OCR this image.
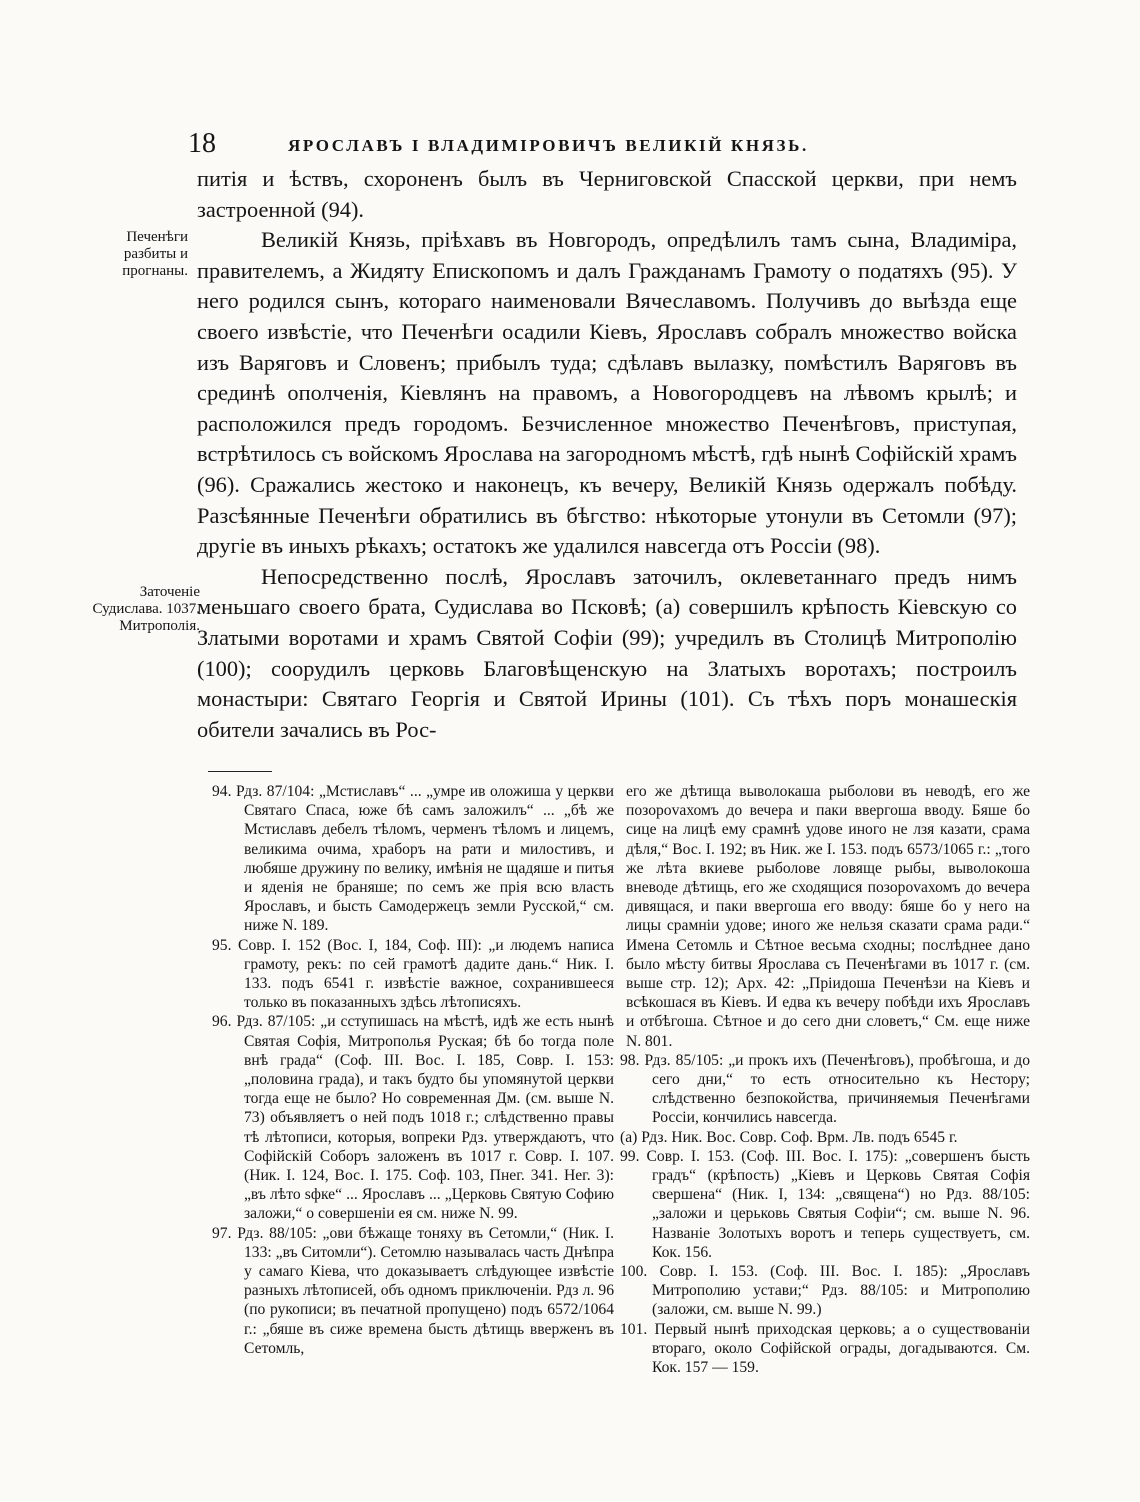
18	ЯРОСЛАВЪ I ВЛАДИМIРОВИЧЪ ВЕЛИКIЙ КНЯЗЬ.
Печенѣги разбиты и прогнаны.
Заточенiе Судислава. 1037. Митрополiя.

питiя и ѣствъ, схороненъ былъ въ Черниговской Спасской церкви, при немъ застроенной (94).

Великiй Князь, прiѣхавъ въ Новгородъ, опредѣлилъ тамъ сына, Владимiра, правителемъ, а Жидяту Епископомъ и далъ Гражданамъ Грамоту о податяхъ (95). У него родился сынъ, котораго наименовали Вячеславомъ. Получивъ до выѣзда еще своего извѣстiе, что Печенѣги осадили Кiевъ, Ярославъ собралъ множество войска изъ Варяговъ и Словенъ; прибылъ туда; сдѣлавъ вылазку, помѣстилъ Варяговъ въ срединѣ ополченiя, Кiевлянъ на правомъ, а Новогородцевъ на лѣвомъ крылѣ; и расположился предъ городомъ. Безчисленное множество Печенѣговъ, приступая, встрѣтилось съ войскомъ Ярослава на загородномъ мѣстѣ, гдѣ нынѣ Софiйскiй храмъ (96). Сражались жестоко и наконецъ, къ вечеру, Великiй Князь одержалъ побѣду. Разсѣянные Печенѣги обратились въ бѣгство: нѣкоторые утонули въ Сетомли (97); другiе въ иныхъ рѣкахъ; остатокъ же удалился навсегда отъ Россiи (98).

Непосредственно послѣ, Ярославъ заточилъ, оклеветаннаго предъ нимъ меньшаго своего брата, Судислава во Псковѣ; (а) совершилъ крѣпость Кiевскую со Златыми воротами и храмъ Святой Софiи (99); учредилъ въ Столицѣ Митрополiю (100); соорудилъ церковь Благовѣщенскую на Златыхъ воротахъ; построилъ монастыри: Святаго Георгiя и Святой Ирины (101). Съ тѣхъ поръ монашескiя обители зачались въ Рос-

94. Рдз. 87/104: „Мстиславъ“ ... „умре ив оложиша у церкви Святаго Спаса, юже бѣ самъ заложилъ“ ... „бѣ же Мстиславъ дебелъ тѣломъ, черменъ тѣломъ и лицемъ, великима очима, храборъ на рати и милостивъ, и любяше дружину по велику, имѣнiя не щадяше и питья и яденiя не браняше; по семъ же прiя всю власть Ярославъ, и бысть Самодержецъ земли Русской,“ см. ниже N. 189.

95. Совр. I. 152 (Вос. I, 184, Соф. III): „и людемъ написа грамоту, рекъ: по сей грамотѣ дадите дань.“ Ник. I. 133. подъ 6541 г. извѣстiе важное, сохранившееся только въ показанныхъ здѣсь лѣтописяхъ.

96. Рдз. 87/105: „и сступишась на мѣстѣ, идѣ же есть нынѣ Святая Софiя, Митрополья Руская; бѣ бо тогда поле внѣ града“ (Соф. III. Вос. I. 185, Совр. I. 153: „половина града), и такъ будто бы упомянутой церкви тогда еще не было? Но современная Дм. (см. выше N. 73) объявляетъ о ней подъ 1018 г.; слѣдственно правы тѣ лѣтописи, которыя, вопреки Рдз. утверждаютъ, что Софiйскiй Соборъ заложенъ въ 1017 г. Совр. I. 107. (Ник. I. 124, Вос. I. 175. Соф. 103, Пнег. 341. Нег. 3): „въ лѣто ѕфке“ ... Ярославъ ... „Церковь Святую Софию заложи,“ о совершенiи ея см. ниже N. 99.

97. Рдз. 88/105: „ови бѣжаще тоняху въ Сетомли,“ (Ник. I. 133: „въ Ситомли“). Сетомлю называлась часть Днѣпра у самаго Кiева, что доказываетъ слѣдующее извѣстiе разныхъ лѣтописей, объ одномъ приключенiи. Рдз л. 96 (по рукописи; въ печатной пропущено) подъ 6572/1064 г.: „бяше въ сиже времена бысть дѣтищь вверженъ въ Сетомль,

его же дѣтища выволокаша рыболови въ неводѣ, его же позорovахомъ до вечера и паки ввергоша вводу. Бяше бо сице на лицѣ ему срамнѣ удове иного не лзя казати, срама дѣля,“ Вос. I. 192; въ Ник. же I. 153. подъ 6573/1065 г.: „того же лѣта вкиеве рыболове ловяще рыбы, выволокоша вневоде дѣтищь, его же сходящися позорovахомъ до вечера дивящася, и паки ввергоша его вводу: бяше бо у него на лицы срамнiи удове; иного же нельзя сказати срама ради.“ Имена Сетомль и Сѣтное весьма сходны; послѣднее дано было мѣсту битвы Ярослава съ Печенѣгами въ 1017 г. (см. выше стр. 12); Арх. 42: „Прiидоша Печенѣзи на Кiевъ и всѣкошася въ Кiевъ. И едва къ вечеру побѣди ихъ Ярославъ и отбѣгоша. Сѣтное и до сего дни словетъ,“ См. еще ниже N. 801.

98. Рдз. 85/105: „и прокъ ихъ (Печенѣговъ), пробѣгоша, и до сего дни,“ то есть относительно къ Нестору; слѣдственно безпокойства, причиняемыя Печенѣгами Россiи, кончились навсегда.

(а) Рдз. Ник. Вос. Совр. Соф. Врм. Лв. подъ 6545 г.

99. Совр. I. 153. (Соф. III. Вос. I. 175): „совершенъ бысть градъ“ (крѣпость) „Кiевъ и Церковь Святая Софiя свершена“ (Ник. I, 134: „священа“) но Рдз. 88/105: „заложи и церьковь Святыя Софiи“; см. выше N. 96. Названiе Золотыхъ воротъ и теперь существуетъ, см. Кок. 156.

100. Совр. I. 153. (Соф. III. Вос. I. 185): „Ярославъ Митрополию устави;“ Рдз. 88/105: и Митрополию (заложи, см. выше N. 99.)

101. Первый нынѣ приходская церковь; а о существованiи втораго, около Софiйской ограды, догадываются. См. Кок. 157 — 159.
